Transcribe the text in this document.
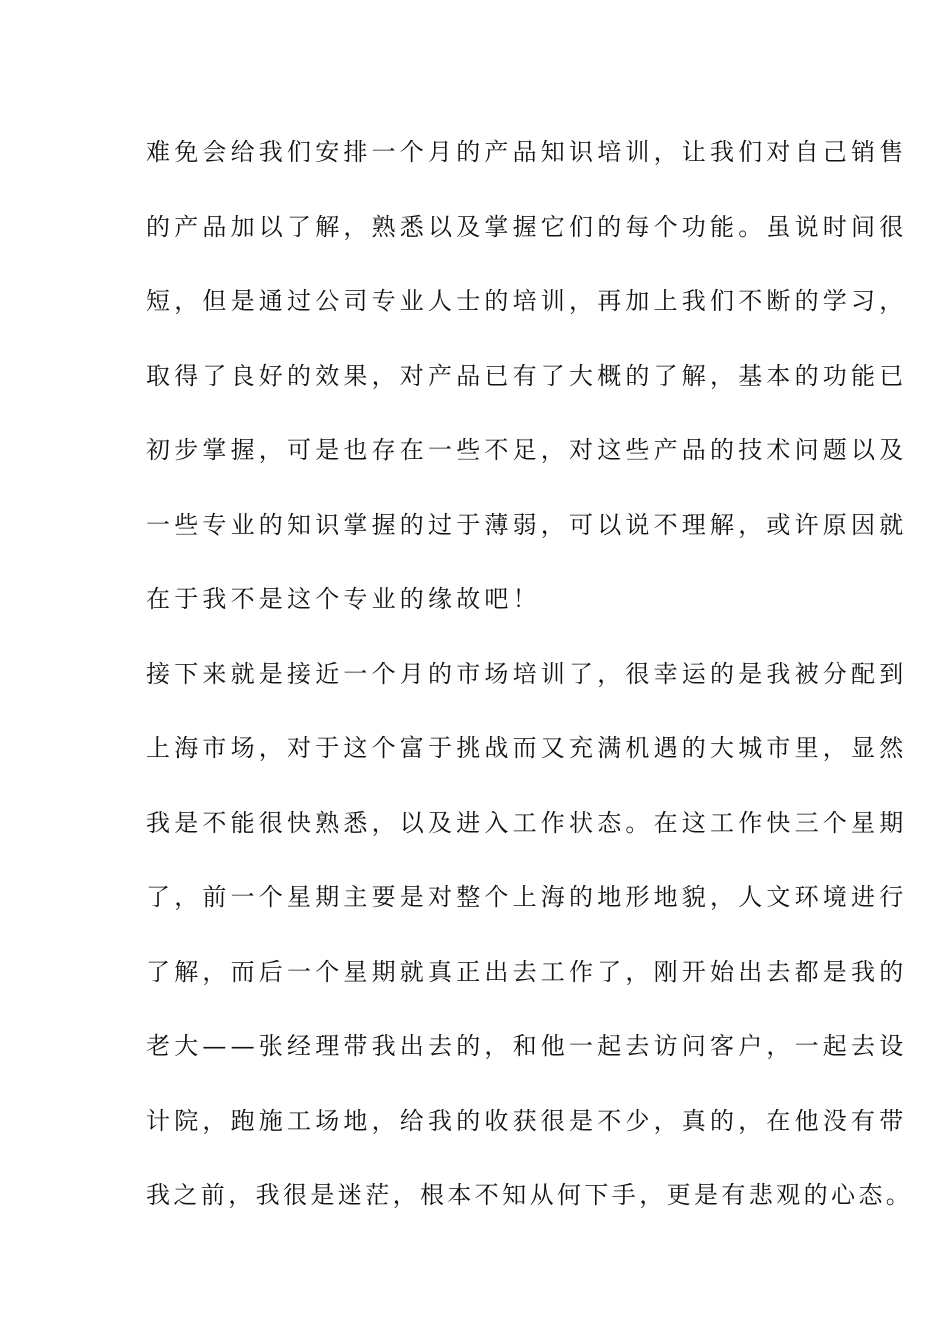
难免会给我们安排一个月的产品知识培训，让我们对自己销售
的产品加以了解，熟悉以及掌握它们的每个功能。虽说时间很
短，但是通过公司专业人士的培训，再加上我们不断的学习，
取得了良好的效果，对产品已有了大概的了解，基本的功能已
初步掌握，可是也存在一些不足，对这些产品的技术问题以及
一些专业的知识掌握的过于薄弱，可以说不理解，或许原因就
在于我不是这个专业的缘故吧！
接下来就是接近一个月的市场培训了，很幸运的是我被分配到
上海市场，对于这个富于挑战而又充满机遇的大城市里，显然
我是不能很快熟悉，以及进入工作状态。在这工作快三个星期
了，前一个星期主要是对整个上海的地形地貌，人文环境进行
了解，而后一个星期就真正出去工作了，刚开始出去都是我的
老大——张经理带我出去的，和他一起去访问客户，一起去设
计院，跑施工场地，给我的收获很是不少，真的，在他没有带
我之前，我很是迷茫，根本不知从何下手，更是有悲观的心态。
